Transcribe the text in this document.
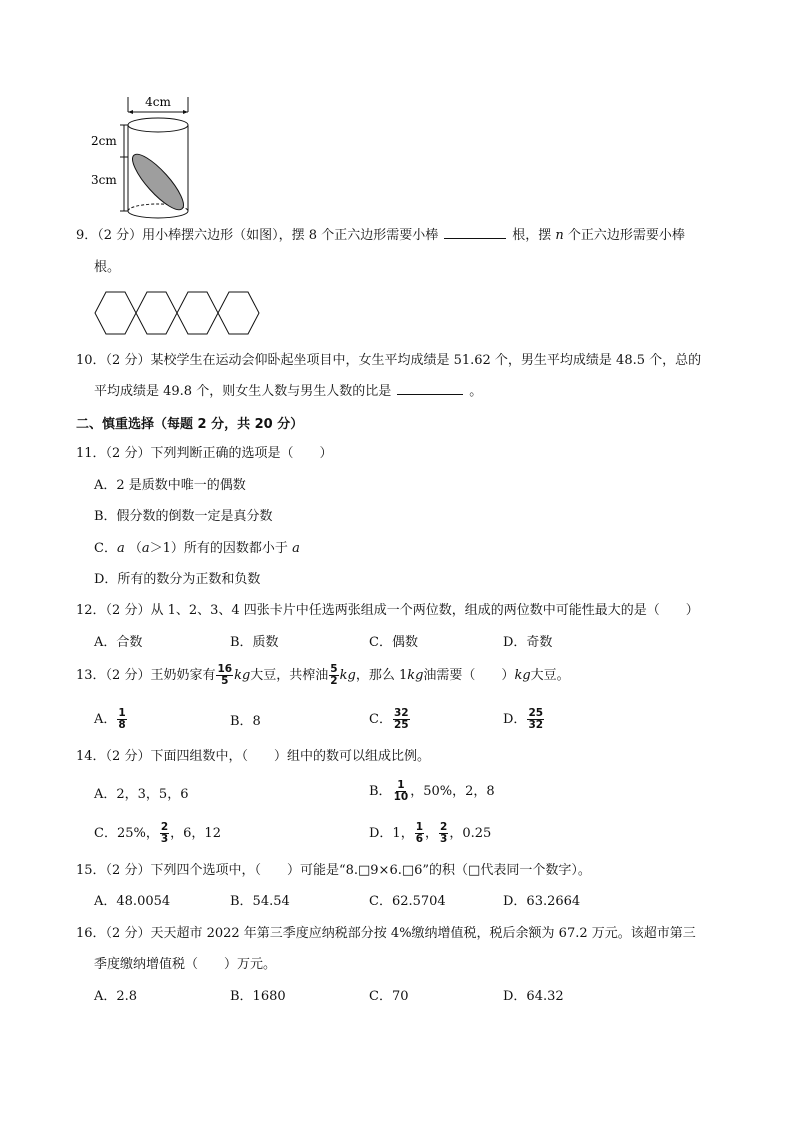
4cm
2cm
3cm
9．（2 分）用小棒摆六边形（如图），摆 8 个正六边形需要小棒	根，摆 n 个正六边形需要小棒
根。
10．（2 分）某校学生在运动会仰卧起坐项目中，女生平均成绩是 51.62 个，男生平均成绩是 48.5 个，总的
平均成绩是 49.8 个，则女生人数与男生人数的比是	。
二、慎重选择（每题 2 分，共 20 分）
11．（2 分）下列判断正确的选项是（　　）
A．2 是质数中唯一的偶数
B．假分数的倒数一定是真分数
C．a （a＞1）所有的因数都小于 a
D．所有的数分为正数和负数
12．（2 分）从 1、2、3、4 四张卡片中任选两张组成一个两位数，组成的两位数中可能性最大的是（　　）
A．合数	B．质数	C．偶数	D．奇数
13．（2 分）王奶奶家有 $\frac{16}{5}$ kg大豆，共榨油 $\frac{5}{2}$ kg，那么 1kg油需要（　　）kg大豆。
A． $\frac{1}{8}$	B．8	C． $\frac{32}{25}$	D． $\frac{25}{32}$
14．（2 分）下面四组数中，（　　）组中的数可以组成比例。
A．2，3，5，6	B． $\frac{1}{10}$ ，50%，2，8
C．25%， $\frac{2}{3}$ ，6，12	D．1， $\frac{1}{6}$ ， $\frac{2}{3}$ ，0.25
15．（2 分）下列四个选项中，（　　）可能是“8.□9×6.□6”的积（□代表同一个数字）。
A．48.0054	B．54.54	C．62.5704	D．63.2664
16．（2 分）天天超市 2022 年第三季度应纳税部分按 4%缴纳增值税，税后余额为 67.2 万元。该超市第三
季度缴纳增值税（　　）万元。
A．2.8	B．1680	C．70	D．64.32
